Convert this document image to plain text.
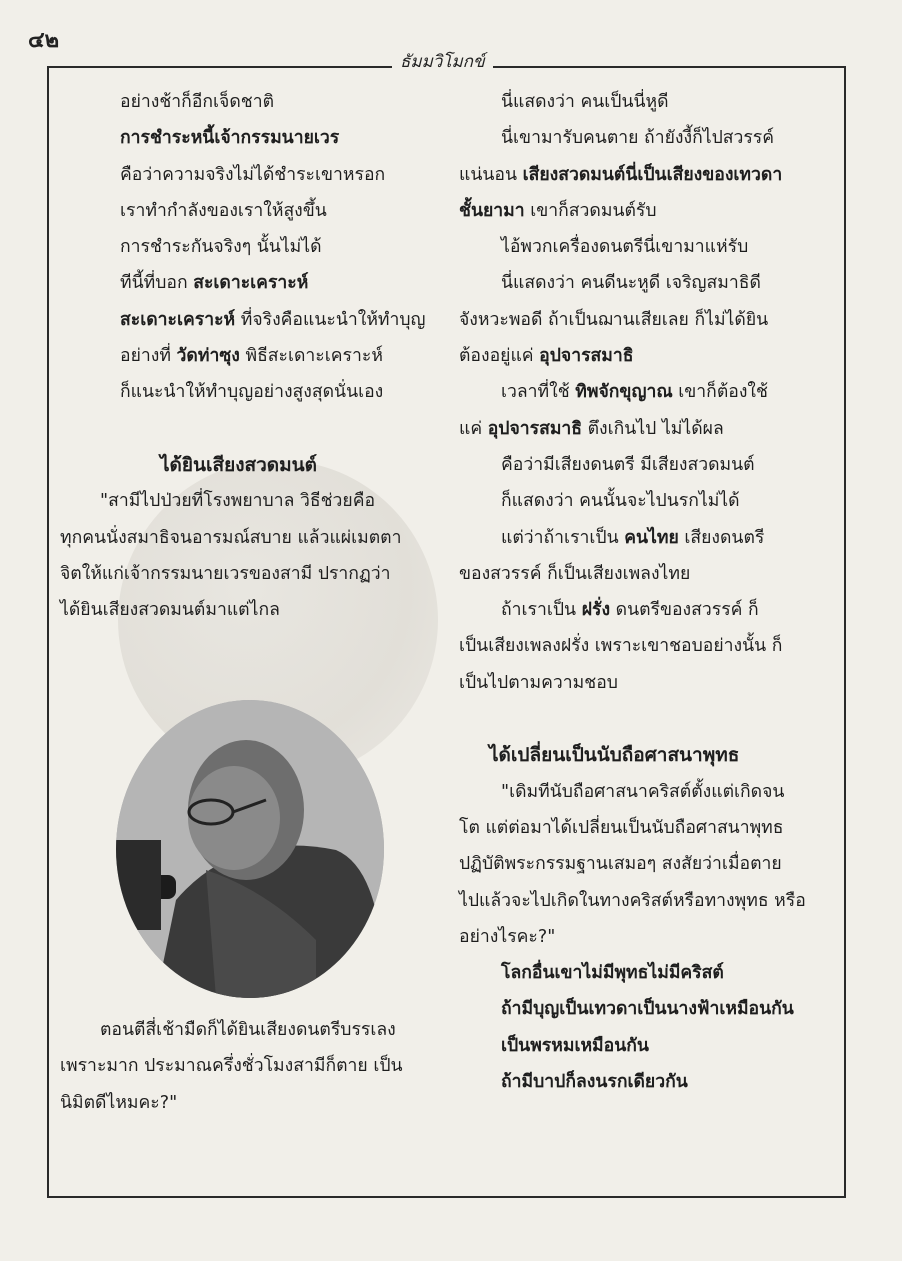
๔๒
ธัมมวิโมกข์

อย่างช้าก็อีกเจ็ดชาติ

การชำระหนี้เจ้ากรรมนายเวร

คือว่าความจริงไม่ได้ชำระเขาหรอก

เราทำกำลังของเราให้สูงขึ้น

การชำระกันจริงๆ นั้นไม่ได้

ทีนี้ที่บอก สะเดาะเคราะห์

สะเดาะเคราะห์ ที่จริงคือแนะนำให้ทำบุญ

อย่างที่ วัดท่าซุง พิธีสะเดาะเคราะห์

ก็แนะนำให้ทำบุญอย่างสูงสุดนั่นเอง

ได้ยินเสียงสวดมนต์

"สามีไปป่วยที่โรงพยาบาล วิธีช่วยคือ

ทุกคนนั่งสมาธิจนอารมณ์สบาย แล้วแผ่เมตตา

จิตให้แก่เจ้ากรรมนายเวรของสามี ปรากฏว่า

ได้ยินเสียงสวดมนต์มาแต่ไกล

ตอนตีสี่เช้ามืดก็ได้ยินเสียงดนตรีบรรเลง

เพราะมาก ประมาณครึ่งชั่วโมงสามีก็ตาย เป็น

นิมิตดีไหมคะ?"

นี่แสดงว่า คนเป็นนี่หูดี

นี่เขามารับคนตาย ถ้ายังงี้ก็ไปสวรรค์

แน่นอน เสียงสวดมนต์นี่เป็นเสียงของเทวดา

ชั้นยามา เขาก็สวดมนต์รับ

ไอ้พวกเครื่องดนตรีนี่เขามาแห่รับ

นี่แสดงว่า คนดีนะหูดี เจริญสมาธิดี

จังหวะพอดี ถ้าเป็นฌานเสียเลย ก็ไม่ได้ยิน

ต้องอยู่แค่ อุปจารสมาธิ

เวลาที่ใช้ ทิพจักขุญาณ เขาก็ต้องใช้

แค่ อุปจารสมาธิ ตึงเกินไป ไม่ได้ผล

คือว่ามีเสียงดนตรี มีเสียงสวดมนต์

ก็แสดงว่า คนนั้นจะไปนรกไม่ได้

แต่ว่าถ้าเราเป็น คนไทย เสียงดนตรี

ของสวรรค์ ก็เป็นเสียงเพลงไทย

ถ้าเราเป็น ฝรั่ง ดนตรีของสวรรค์ ก็

เป็นเสียงเพลงฝรั่ง เพราะเขาชอบอย่างนั้น ก็

เป็นไปตามความชอบ

ได้เปลี่ยนเป็นนับถือศาสนาพุทธ

"เดิมทีนับถือศาสนาคริสต์ตั้งแต่เกิดจน

โต แต่ต่อมาได้เปลี่ยนเป็นนับถือศาสนาพุทธ

ปฏิบัติพระกรรมฐานเสมอๆ สงสัยว่าเมื่อตาย

ไปแล้วจะไปเกิดในทางคริสต์หรือทางพุทธ หรือ

อย่างไรคะ?"

โลกอื่นเขาไม่มีพุทธไม่มีคริสต์

ถ้ามีบุญเป็นเทวดาเป็นนางฟ้าเหมือนกัน

เป็นพรหมเหมือนกัน

ถ้ามีบาปก็ลงนรกเดียวกัน
